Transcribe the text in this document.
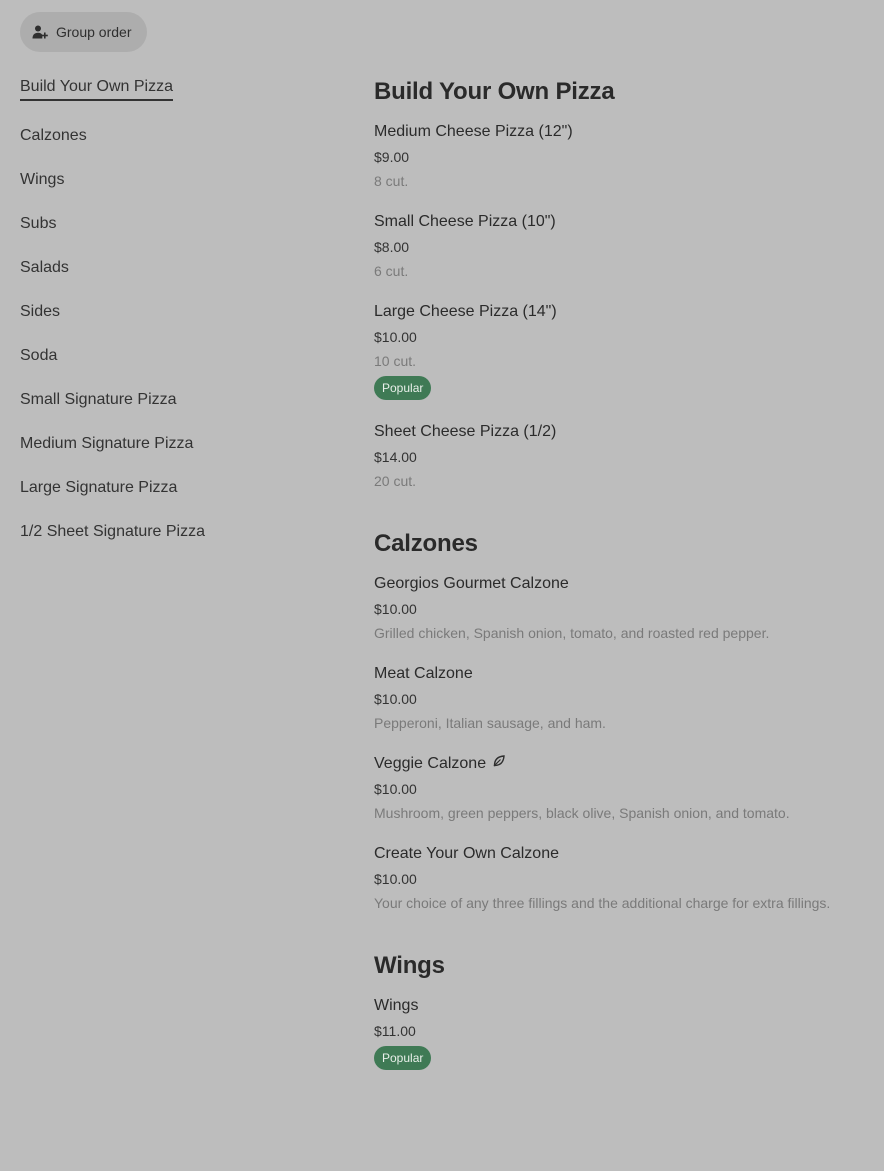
Group order
Build Your Own Pizza
Calzones
Wings
Subs
Salads
Sides
Soda
Small Signature Pizza
Medium Signature Pizza
Large Signature Pizza
1/2 Sheet Signature Pizza
Build Your Own Pizza
Medium Cheese Pizza (12")
$9.00
8 cut.
Small Cheese Pizza (10")
$8.00
6 cut.
Large Cheese Pizza (14")
$10.00
10 cut.
Popular
Sheet Cheese Pizza (1/2)
$14.00
20 cut.
Calzones
Georgios Gourmet Calzone
$10.00
Grilled chicken, Spanish onion, tomato, and roasted red pepper.
Meat Calzone
$10.00
Pepperoni, Italian sausage, and ham.
Veggie Calzone
$10.00
Mushroom, green peppers, black olive, Spanish onion, and tomato.
Create Your Own Calzone
$10.00
Your choice of any three fillings and the additional charge for extra fillings.
Wings
Wings
$11.00
Popular
